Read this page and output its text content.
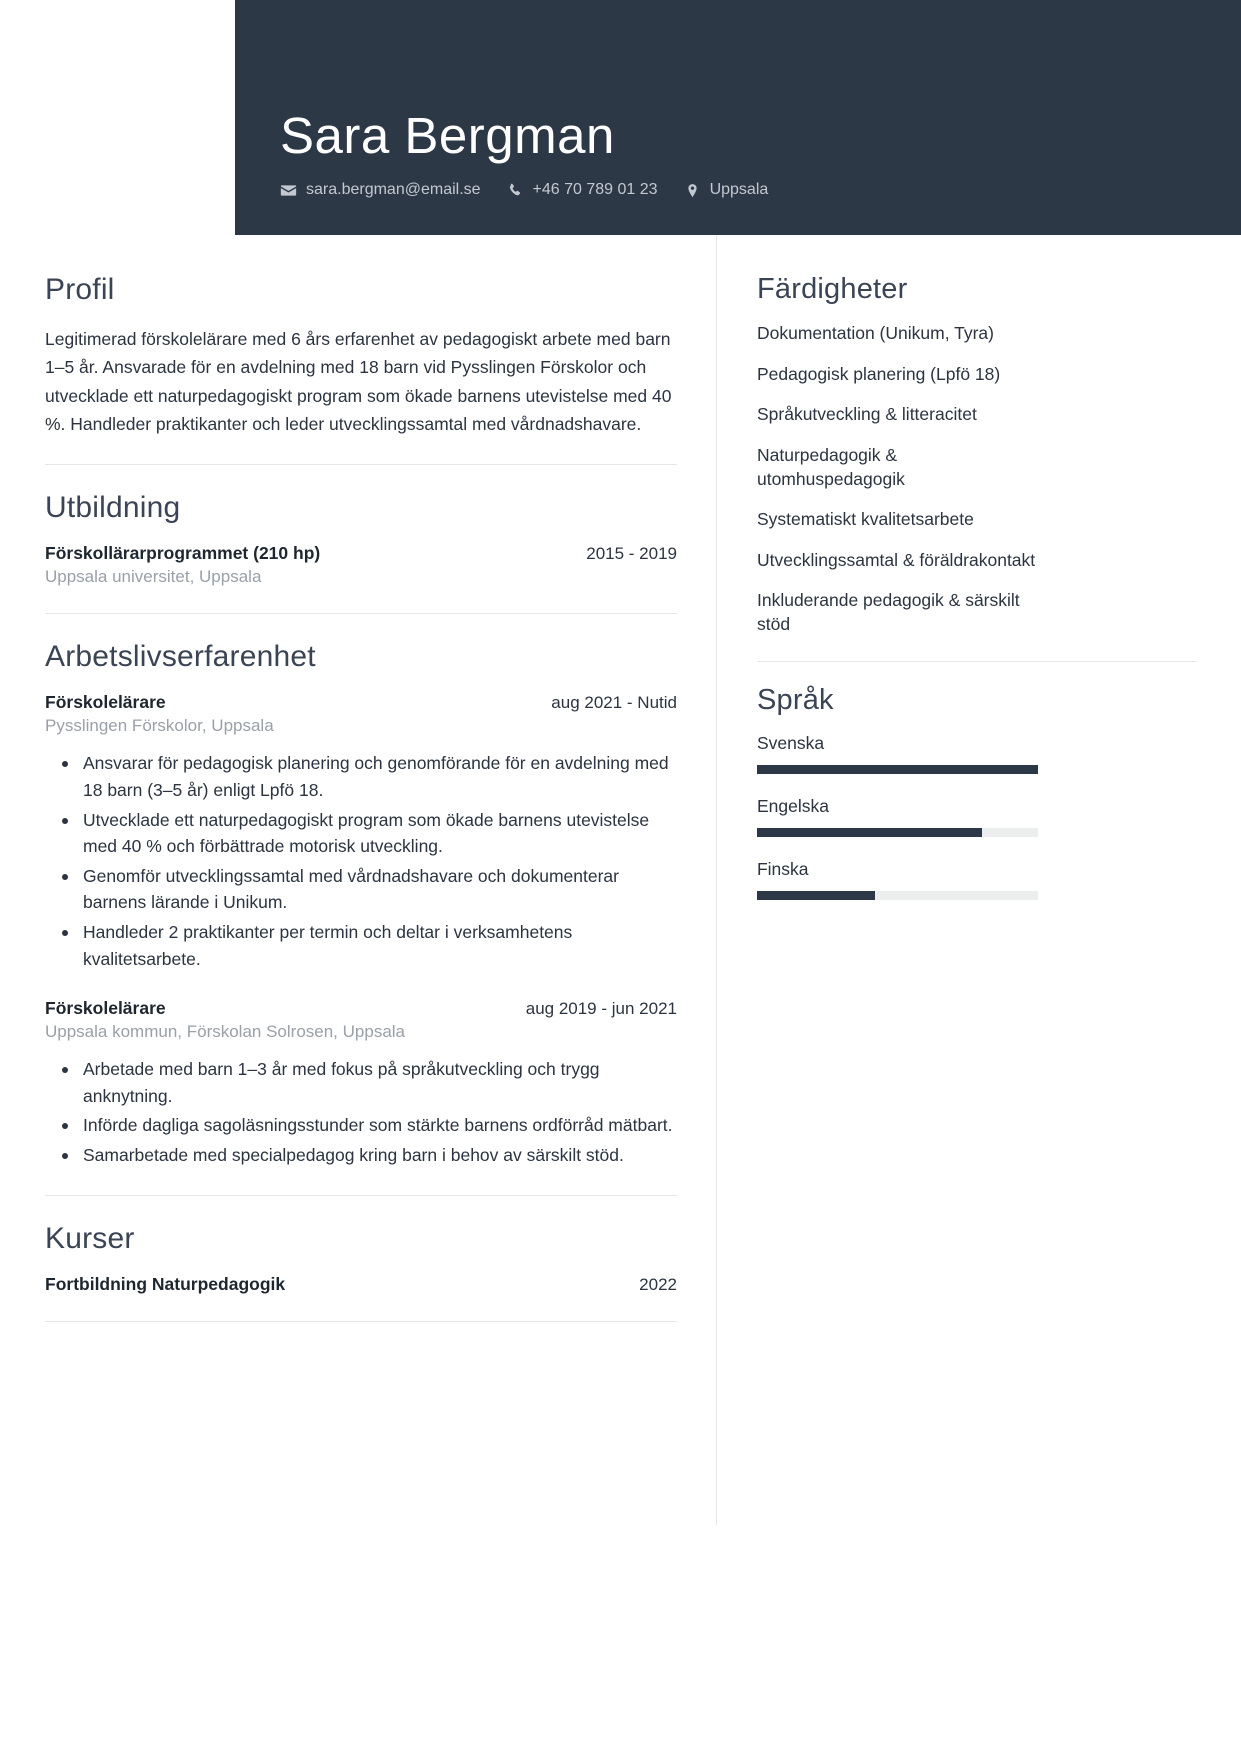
Sara Bergman
sara.bergman@email.se	+46 70 789 01 23	Uppsala
Profil

Legitimerad förskolelärare med 6 års erfarenhet av pedagogiskt arbete med barn 1–5 år. Ansvarade för en avdelning med 18 barn vid Pysslingen Förskolor och utvecklade ett naturpedagogiskt program som ökade barnens utevistelse med 40 %. Handleder praktikanter och leder utvecklingssamtal med vårdnadshavare.

Utbildning
Förskollärarprogrammet (210 hp)	2015 - 2019
Uppsala universitet, Uppsala
Arbetslivserfarenhet
Förskolelärare	aug 2021 - Nutid
Pysslingen Förskolor, Uppsala
Ansvarar för pedagogisk planering och genomförande för en avdelning med 18 barn (3–5 år) enligt Lpfö 18.
Utvecklade ett naturpedagogiskt program som ökade barnens utevistelse med 40 % och förbättrade motorisk utveckling.
Genomför utvecklingssamtal med vårdnadshavare och dokumenterar barnens lärande i Unikum.
Handleder 2 praktikanter per termin och deltar i verksamhetens kvalitetsarbete.
Förskolelärare	aug 2019 - jun 2021
Uppsala kommun, Förskolan Solrosen, Uppsala
Arbetade med barn 1–3 år med fokus på språkutveckling och trygg anknytning.
Införde dagliga sagoläsningsstunder som stärkte barnens ordförråd mätbart.
Samarbetade med specialpedagog kring barn i behov av särskilt stöd.
Kurser
Fortbildning Naturpedagogik	2022
Färdigheter
Dokumentation (Unikum, Tyra)
Pedagogisk planering (Lpfö 18)
Språkutveckling & litteracitet
Naturpedagogik & utomhuspedagogik
Systematiskt kvalitetsarbete
Utvecklingssamtal & föräldrakontakt
Inkluderande pedagogik & särskilt stöd
Språk
Svenska
Engelska
Finska
